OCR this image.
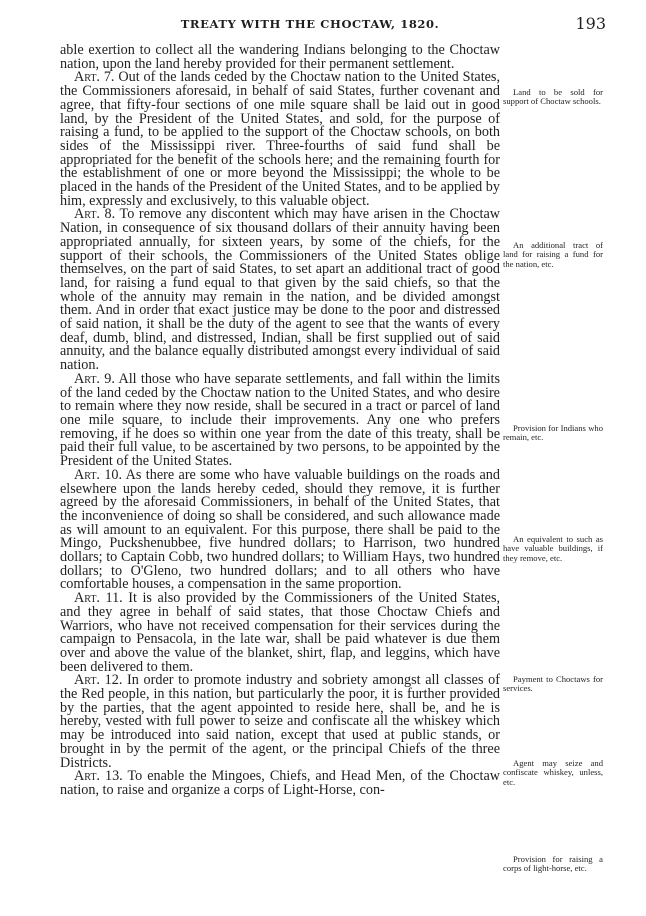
TREATY WITH THE CHOCTAW, 1820.	193

able exertion to collect all the wandering Indians belonging to the Choctaw nation, upon the land hereby provided for their permanent settlement.

Art. 7. Out of the lands ceded by the Choctaw nation to the United States, the Commissioners aforesaid, in behalf of said States, further covenant and agree, that fifty-four sections of one mile square shall be laid out in good land, by the President of the United States, and sold, for the purpose of raising a fund, to be applied to the support of the Choctaw schools, on both sides of the Mississippi river. Three-fourths of said fund shall be appropriated for the benefit of the schools here; and the remaining fourth for the establishment of one or more beyond the Mississippi; the whole to be placed in the hands of the President of the United States, and to be applied by him, expressly and exclusively, to this valuable object.

Art. 8. To remove any discontent which may have arisen in the Choctaw Nation, in consequence of six thousand dollars of their annuity having been appropriated annually, for sixteen years, by some of the chiefs, for the support of their schools, the Commissioners of the United States oblige themselves, on the part of said States, to set apart an additional tract of good land, for raising a fund equal to that given by the said chiefs, so that the whole of the annuity may remain in the nation, and be divided amongst them. And in order that exact justice may be done to the poor and distressed of said nation, it shall be the duty of the agent to see that the wants of every deaf, dumb, blind, and distressed, Indian, shall be first supplied out of said annuity, and the balance equally distributed amongst every individual of said nation.

Art. 9. All those who have separate settlements, and fall within the limits of the land ceded by the Choctaw nation to the United States, and who desire to remain where they now reside, shall be secured in a tract or parcel of land one mile square, to include their improvements. Any one who prefers removing, if he does so within one year from the date of this treaty, shall be paid their full value, to be ascertained by two persons, to be appointed by the President of the United States.

Art. 10. As there are some who have valuable buildings on the roads and elsewhere upon the lands hereby ceded, should they remove, it is further agreed by the aforesaid Commissioners, in behalf of the United States, that the inconvenience of doing so shall be considered, and such allowance made as will amount to an equivalent. For this purpose, there shall be paid to the Mingo, Puckshenubbee, five hundred dollars; to Harrison, two hundred dollars; to Captain Cobb, two hundred dollars; to William Hays, two hundred dollars; to O'Gleno, two hundred dollars; and to all others who have comfortable houses, a compensation in the same proportion.

Art. 11. It is also provided by the Commissioners of the United States, and they agree in behalf of said states, that those Choctaw Chiefs and Warriors, who have not received compensation for their services during the campaign to Pensacola, in the late war, shall be paid whatever is due them over and above the value of the blanket, shirt, flap, and leggins, which have been delivered to them.

Art. 12. In order to promote industry and sobriety amongst all classes of the Red people, in this nation, but particularly the poor, it is further provided by the parties, that the agent appointed to reside here, shall be, and he is hereby, vested with full power to seize and confiscate all the whiskey which may be introduced into said nation, except that used at public stands, or brought in by the permit of the agent, or the principal Chiefs of the three Districts.

Art. 13. To enable the Mingoes, Chiefs, and Head Men, of the Choctaw nation, to raise and organize a corps of Light-Horse, con-

Land to be sold for support of Choctaw schools.
An additional tract of land for raising a fund for the nation, etc.
Provision for Indians who remain, etc.
An equivalent to such as have valuable buildings, if they remove, etc.
Payment to Choctaws for services.
Agent may seize and confiscate whiskey, unless, etc.
Provision for raising a corps of light-horse, etc.
